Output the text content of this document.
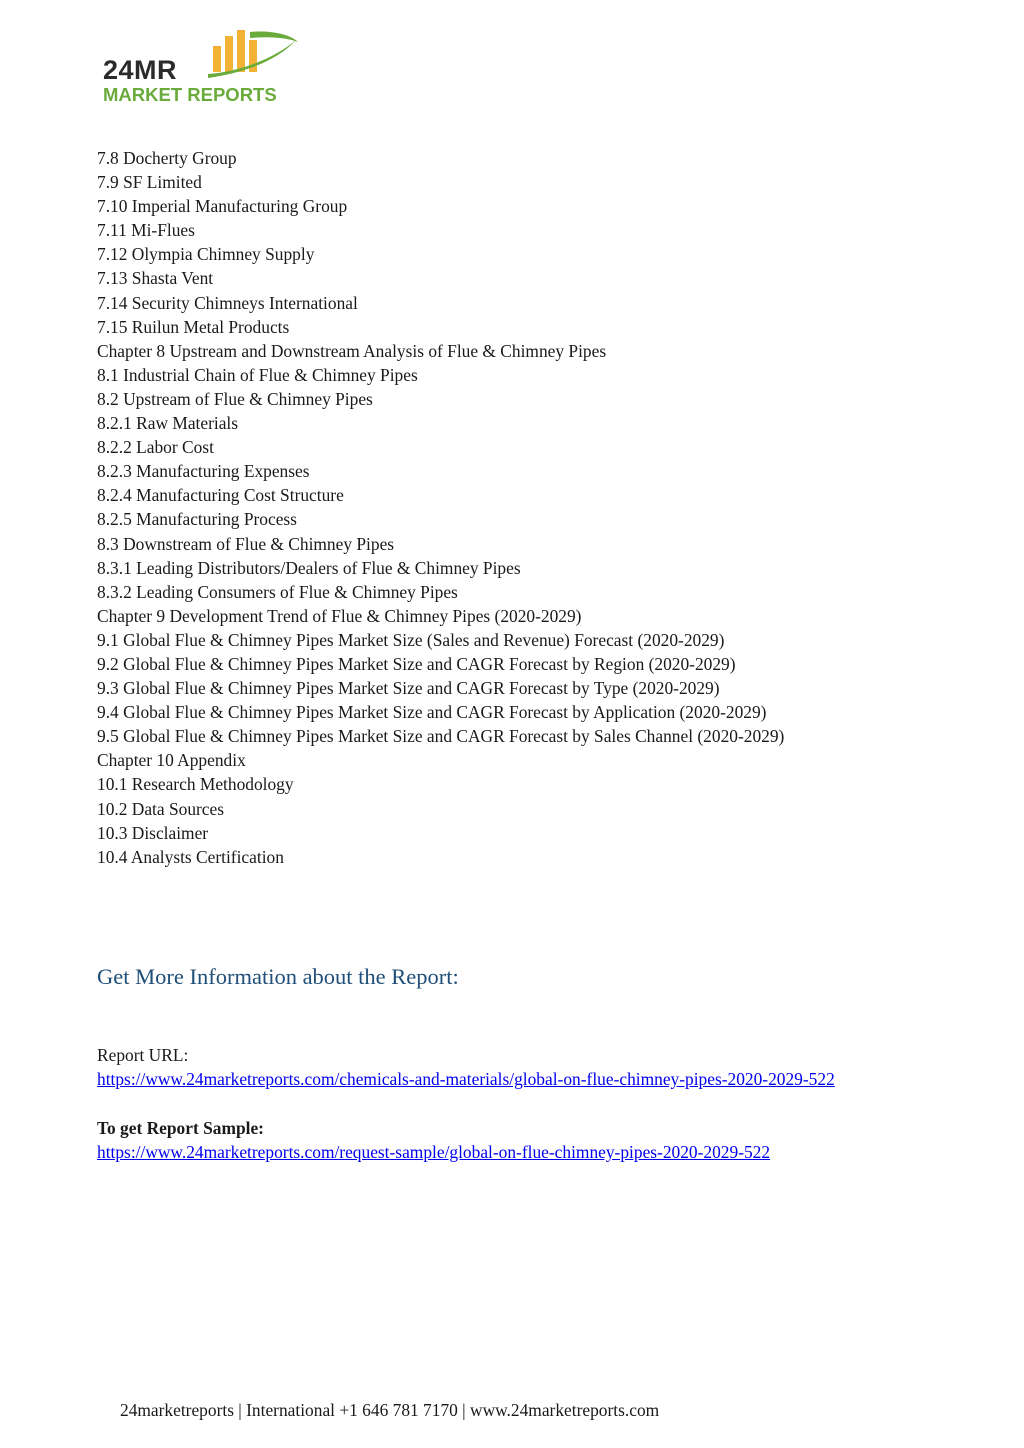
24MR
MARKET REPORTS
7.8 Docherty Group
7.9 SF Limited
7.10 Imperial Manufacturing Group
7.11 Mi-Flues
7.12 Olympia Chimney Supply
7.13 Shasta Vent
7.14 Security Chimneys International
7.15 Ruilun Metal Products
Chapter 8 Upstream and Downstream Analysis of Flue & Chimney Pipes
8.1 Industrial Chain of Flue & Chimney Pipes
8.2 Upstream of Flue & Chimney Pipes
8.2.1 Raw Materials
8.2.2 Labor Cost
8.2.3 Manufacturing Expenses
8.2.4 Manufacturing Cost Structure
8.2.5 Manufacturing Process
8.3 Downstream of Flue & Chimney Pipes
8.3.1 Leading Distributors/Dealers of Flue & Chimney Pipes
8.3.2 Leading Consumers of Flue & Chimney Pipes
Chapter 9 Development Trend of Flue & Chimney Pipes (2020-2029)
9.1 Global Flue & Chimney Pipes Market Size (Sales and Revenue) Forecast (2020-2029)
9.2 Global Flue & Chimney Pipes Market Size and CAGR Forecast by Region (2020-2029)
9.3 Global Flue & Chimney Pipes Market Size and CAGR Forecast by Type (2020-2029)
9.4 Global Flue & Chimney Pipes Market Size and CAGR Forecast by Application (2020-2029)
9.5 Global Flue & Chimney Pipes Market Size and CAGR Forecast by Sales Channel (2020-2029)
Chapter 10 Appendix
10.1 Research Methodology
10.2 Data Sources
10.3 Disclaimer
10.4 Analysts Certification
Get More Information about the Report:

Report URL:

https://www.24marketreports.com/chemicals-and-materials/global-on-flue-chimney-pipes-2020-2029-522

To get Report Sample:

https://www.24marketreports.com/request-sample/global-on-flue-chimney-pipes-2020-2029-522
24marketreports | International +1 646 781 7170 | www.24marketreports.com
